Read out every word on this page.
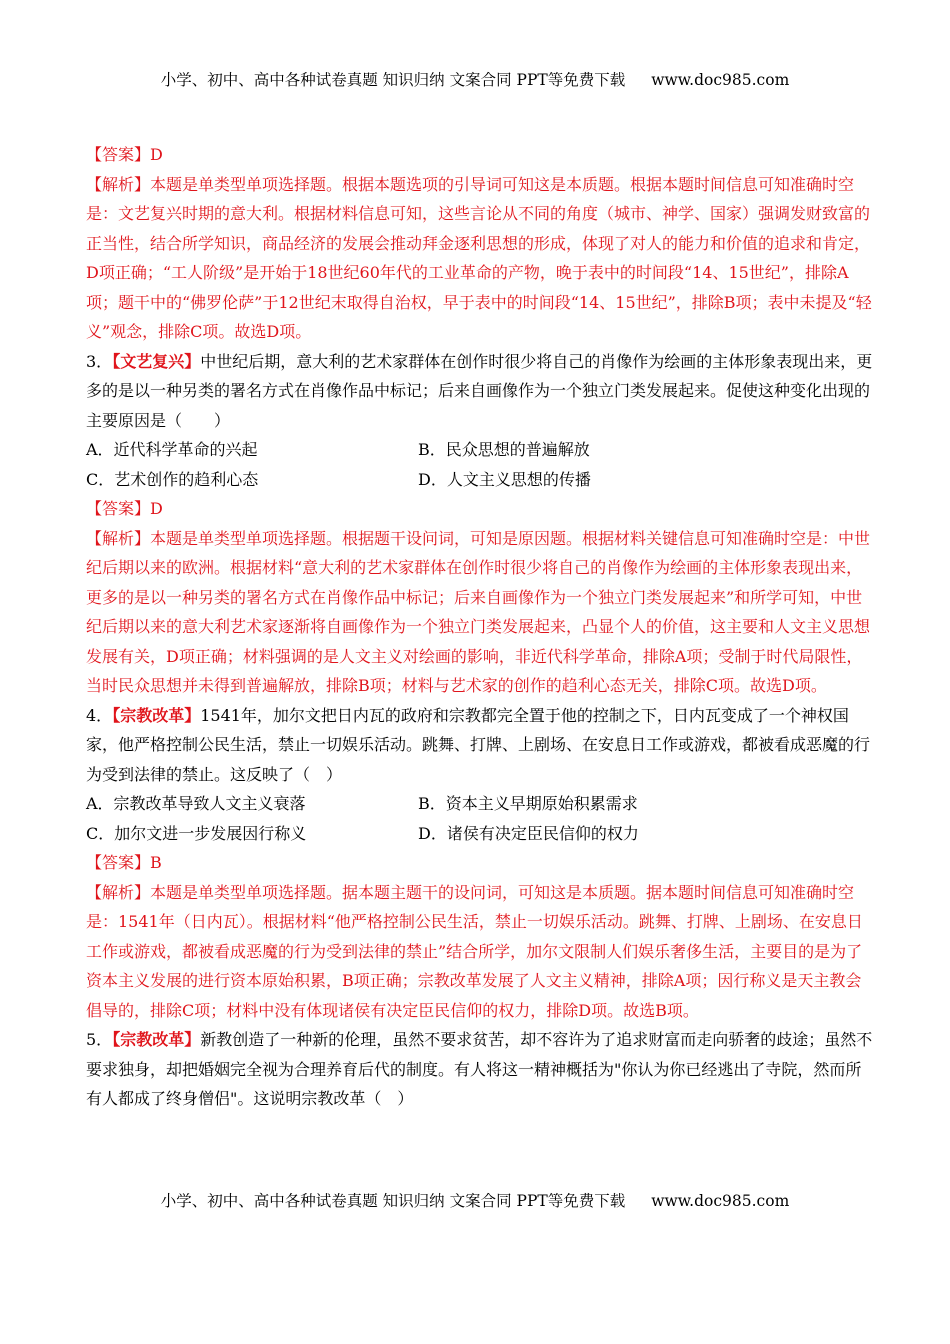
小学、初中、高中各种试卷真题 知识归纳 文案合同 PPT等免费下载 www.doc985.com

【答案】D

【解析】本题是单类型单项选择题。根据本题选项的引导词可知这是本质题。根据本题时间信息可知准确时空是：文艺复兴时期的意大利。根据材料信息可知，这些言论从不同的角度（城市、神学、国家）强调发财致富的正当性，结合所学知识，商品经济的发展会推动拜金逐利思想的形成，体现了对人的能力和价值的追求和肯定，D项正确；“工人阶级”是开始于18世纪60年代的工业革命的产物，晚于表中的时间段“14、15世纪”，排除A项；题干中的“佛罗伦萨”于12世纪末取得自治权，早于表中的时间段“14、15世纪”，排除B项；表中未提及“轻义”观念，排除C项。故选D项。

3．【文艺复兴】中世纪后期，意大利的艺术家群体在创作时很少将自己的肖像作为绘画的主体形象表现出来，更多的是以一种另类的署名方式在肖像作品中标记；后来自画像作为一个独立门类发展起来。促使这种变化出现的主要原因是（　　）

A．近代科学革命的兴起	B．民众思想的普遍解放
C．艺术创作的趋利心态	D．人文主义思想的传播

【答案】D

【解析】本题是单类型单项选择题。根据题干设问词，可知是原因题。根据材料关键信息可知准确时空是：中世纪后期以来的欧洲。根据材料“意大利的艺术家群体在创作时很少将自己的肖像作为绘画的主体形象表现出来，更多的是以一种另类的署名方式在肖像作品中标记；后来自画像作为一个独立门类发展起来”和所学可知，中世纪后期以来的意大利艺术家逐渐将自画像作为一个独立门类发展起来，凸显个人的价值，这主要和人文主义思想发展有关，D项正确；材料强调的是人文主义对绘画的影响，非近代科学革命，排除A项；受制于时代局限性，当时民众思想并未得到普遍解放，排除B项；材料与艺术家的创作的趋利心态无关，排除C项。故选D项。

4．【宗教改革】1541年，加尔文把日内瓦的政府和宗教都完全置于他的控制之下，日内瓦变成了一个神权国家，他严格控制公民生活，禁止一切娱乐活动。跳舞、打牌、上剧场、在安息日工作或游戏，都被看成恶魔的行为受到法律的禁止。这反映了（　）

A．宗教改革导致人文主义衰落	B．资本主义早期原始积累需求
C．加尔文进一步发展因行称义	D．诸侯有决定臣民信仰的权力

【答案】B

【解析】本题是单类型单项选择题。据本题主题干的设问词，可知这是本质题。据本题时间信息可知准确时空是：1541年（日内瓦）。根据材料“他严格控制公民生活，禁止一切娱乐活动。跳舞、打牌、上剧场、在安息日工作或游戏，都被看成恶魔的行为受到法律的禁止”结合所学，加尔文限制人们娱乐奢侈生活，主要目的是为了资本主义发展的进行资本原始积累，B项正确；宗教改革发展了人文主义精神，排除A项；因行称义是天主教会倡导的，排除C项；材料中没有体现诸侯有决定臣民信仰的权力，排除D项。故选B项。

5．【宗教改革】新教创造了一种新的伦理，虽然不要求贫苦，却不容许为了追求财富而走向骄奢的歧途；虽然不要求独身，却把婚姻完全视为合理养育后代的制度。有人将这一精神概括为"你认为你已经逃出了寺院，然而所有人都成了终身僧侣"。这说明宗教改革（　）

小学、初中、高中各种试卷真题 知识归纳 文案合同 PPT等免费下载 www.doc985.com
